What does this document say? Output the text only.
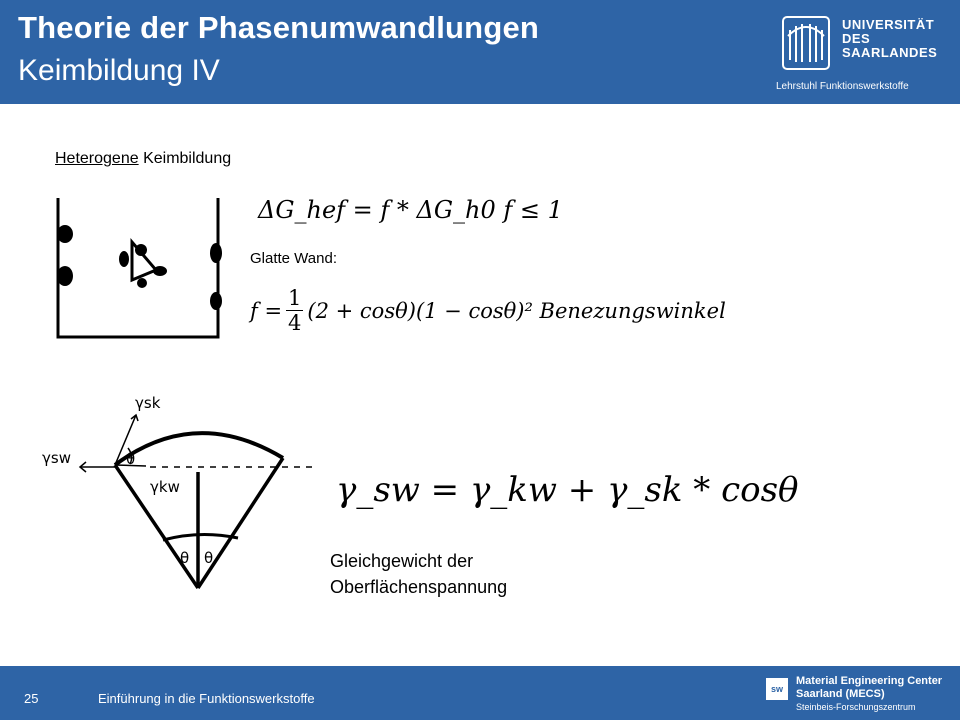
Theorie der Phasenumwandlungen
Keimbildung IV
UNIVERSITÄT
DES
SAARLANDES
Lehrstuhl Funktionswerkstoffe
Heterogene Keimbildung
ΔG_hef = f * ΔG_h0 f ≤ 1
Glatte Wand:
$f = \frac{1}{4} (2 + \cos\theta)(1 - \cos\theta)^2$ Benezungswinkel
γ_sw = γ_kw + γ_sk * cosθ
Gleichgewicht der
Oberflächenspannung
γsk
γsw
γkw
θ
θ θ
25	Einführung in die Funktionswerkstoffe
sw
Material Engineering Center
Saarland (MECS)
Steinbeis-Forschungszentrum
